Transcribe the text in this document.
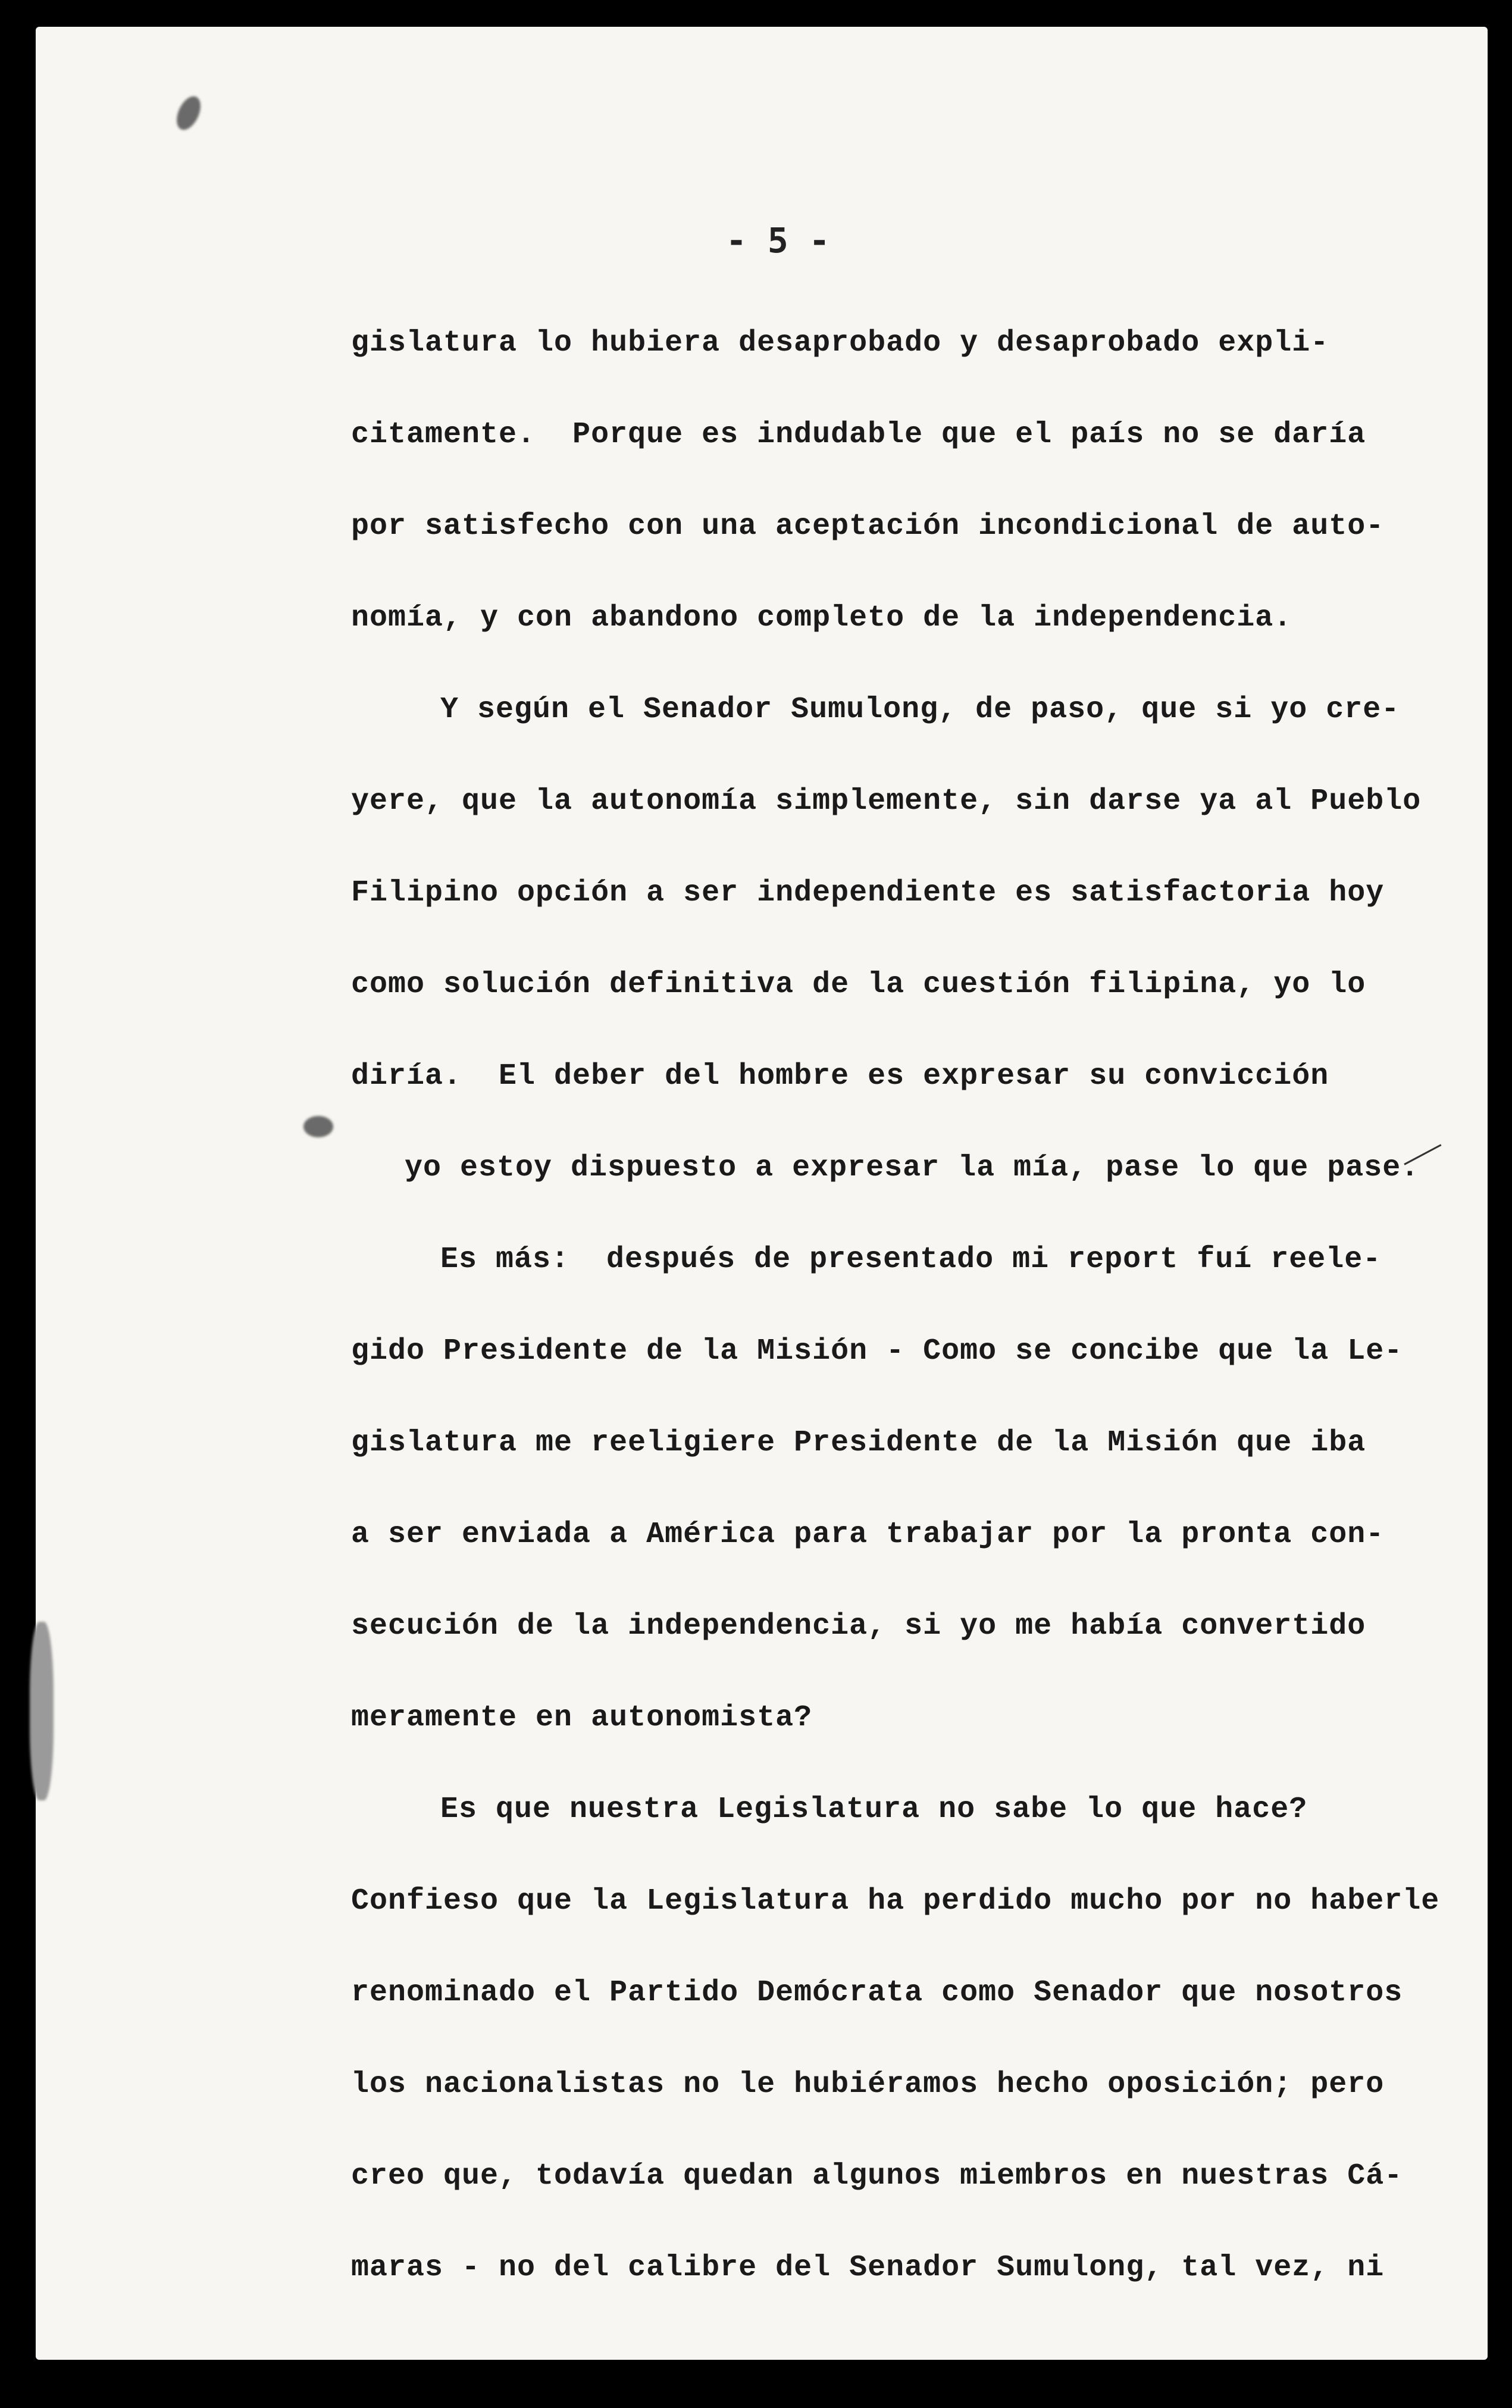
- 5 -
gislatura lo hubiera desaprobado y desaprobado expli-
citamente.  Porque es indudable que el país no se daría
por satisfecho con una aceptación incondicional de auto-
nomía, y con abandono completo de la independencia.
Y según el Senador Sumulong, de paso, que si yo cre-
yere, que la autonomía simplemente, sin darse ya al Pueblo
Filipino opción a ser independiente es satisfactoria hoy
como solución definitiva de la cuestión filipina, yo lo
diría.  El deber del hombre es expresar su convicción
yo estoy dispuesto a expresar la mía, pase lo que pase.
Es más:  después de presentado mi report fuí reele-
gido Presidente de la Misión - Como se concibe que la Le-
gislatura me reeligiere Presidente de la Misión que iba
a ser enviada a América para trabajar por la pronta con-
secución de la independencia, si yo me había convertido
meramente en autonomista?
Es que nuestra Legislatura no sabe lo que hace?
Confieso que la Legislatura ha perdido mucho por no haberle
renominado el Partido Demócrata como Senador que nosotros
los nacionalistas no le hubiéramos hecho oposición; pero
creo que, todavía quedan algunos miembros en nuestras Cá-
maras - no del calibre del Senador Sumulong, tal vez, ni
